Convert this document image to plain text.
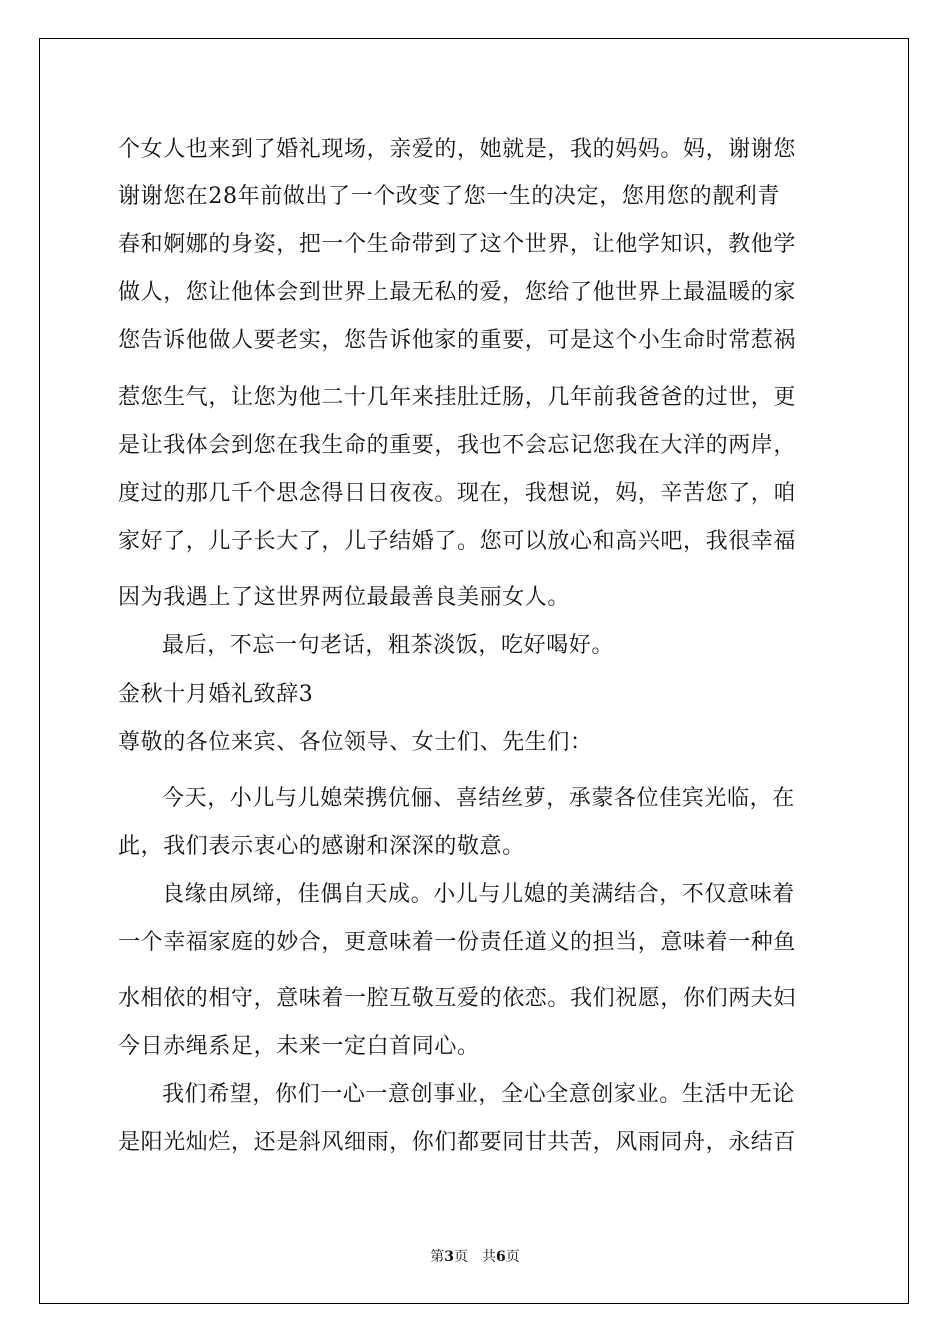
个女人也来到了婚礼现场，亲爱的，她就是，我的妈妈。妈，谢谢您

谢谢您在28年前做出了一个改变了您一生的决定，您用您的靓利青

春和婀娜的身姿，把一个生命带到了这个世界，让他学知识，教他学

做人，您让他体会到世界上最无私的爱，您给了他世界上最温暖的家

您告诉他做人要老实，您告诉他家的重要，可是这个小生命时常惹祸

惹您生气，让您为他二十几年来挂肚迁肠，几年前我爸爸的过世，更

是让我体会到您在我生命的重要，我也不会忘记您我在大洋的两岸，

度过的那几千个思念得日日夜夜。现在，我想说，妈，辛苦您了，咱

家好了，儿子长大了，儿子结婚了。您可以放心和高兴吧，我很幸福

因为我遇上了这世界两位最最善良美丽女人。

最后，不忘一句老话，粗茶淡饭，吃好喝好。

金秋十月婚礼致辞3

尊敬的各位来宾、各位领导、女士们、先生们：

今天，小儿与儿媳荣携伉俪、喜结丝萝，承蒙各位佳宾光临，在

此，我们表示衷心的感谢和深深的敬意。

良缘由夙缔，佳偶自天成。小儿与儿媳的美满结合，不仅意味着

一个幸福家庭的妙合，更意味着一份责任道义的担当，意味着一种鱼

水相依的相守，意味着一腔互敬互爱的依恋。我们祝愿，你们两夫妇

今日赤绳系足，未来一定白首同心。

我们希望，你们一心一意创事业，全心全意创家业。生活中无论

是阳光灿烂，还是斜风细雨，你们都要同甘共苦，风雨同舟，永结百

第3页　共6页
